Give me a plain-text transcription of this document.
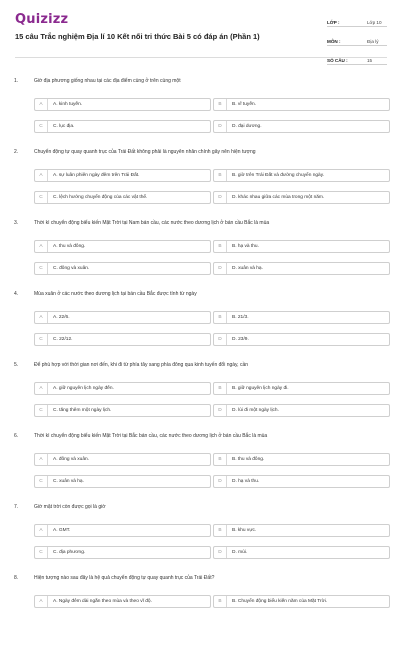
Quizizz
15 câu Trắc nghiệm Địa lí 10 Kết nối tri thức Bài 5 có đáp án (Phần 1)
LỚP :	Lớp 10
MÔN :	Địa lý
SỐ CÂU :	15
1.	Giờ địa phương giống nhau tại các địa điểm cùng ở trên cùng một
A	A. kinh tuyến.	B	B. vĩ tuyến.
C	C. lục địa.	D	D. đại dương.
2.	Chuyển động tự quay quanh trục của Trái Đất không phải là nguyên nhân chính gây nên hiện tượng
A	A. sự luân phiên ngày đêm trên Trái Đất.	B	B. giờ trên Trái Đất và đường chuyển ngày.
C	C. lệch hướng chuyển động của các vật thể.	D	D. khác nhau giữa các mùa trong một năm.
3.	Thời kì chuyển động biểu kiến Mặt Trời tại Nam bán cầu, các nước theo dương lịch ở bán cầu Bắc là mùa
A	A. thu và đông.	B	B. hạ và thu.
C	C. đông và xuân.	D	D. xuân và hạ.
4.	Mùa xuân ở các nước theo dương lịch tại bán cầu Bắc được tính từ ngày
A	A. 22/6.	B	B. 21/3.
C	C. 22/12.	D	D. 23/9.
5.	Để phù hợp với thời gian nơi đến, khi đi từ phía tây sang phía đông qua kinh tuyến đổi ngày, cần
A	A. giữ nguyên lịch ngày đến.	B	B. giữ nguyên lịch ngày đi.
C	C. tăng thêm một ngày lịch.	D	D. lùi đi một ngày lịch.
6.	Thời kì chuyển động biểu kiến Mặt Trời tại Bắc bán cầu, các nước theo dương lịch ở bán cầu Bắc là mùa
A	A. đông và xuân.	B	B. thu và đông.
C	C. xuân và hạ.	D	D. hạ và thu.
7.	Giờ mặt trời còn được gọi là giờ
A	A. GMT.	B	B. khu vực.
C	C. địa phương.	D	D. múi.
8.	Hiện tượng nào sau đây là hệ quả chuyển động tự quay quanh trục của Trái Đất?
A	A. Ngày đêm dài ngắn theo mùa và theo vĩ độ.	B	B. Chuyển động biểu kiến năm của Mặt Trời.
